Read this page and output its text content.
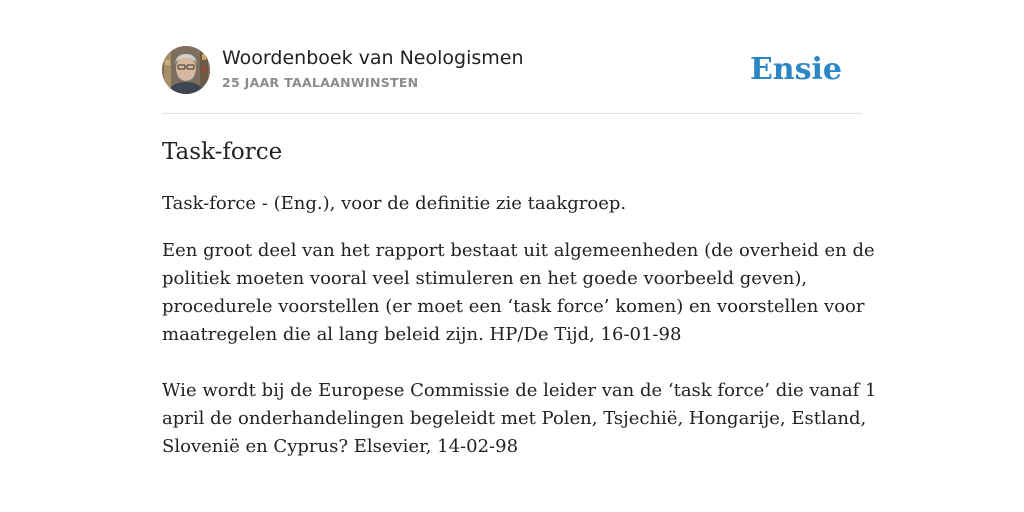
Woordenboek van Neologismen
25 JAAR TAALAANWINSTEN	Ensie
Task-force

Task-force - (Eng.), voor de definitie zie taakgroep.

Een groot deel van het rapport bestaat uit algemeenheden (de overheid en de
politiek moeten vooral veel stimuleren en het goede voorbeeld geven),
procedurele voorstellen (er moet een ‘task force’ komen) en voorstellen voor
maatregelen die al lang beleid zijn. HP/De Tijd, 16-01-98

Wie wordt bij de Europese Commissie de leider van de ‘task force’ die vanaf 1
april de onderhandelingen begeleidt met Polen, Tsjechië, Hongarije, Estland,
Slovenië en Cyprus? Elsevier, 14-02-98
